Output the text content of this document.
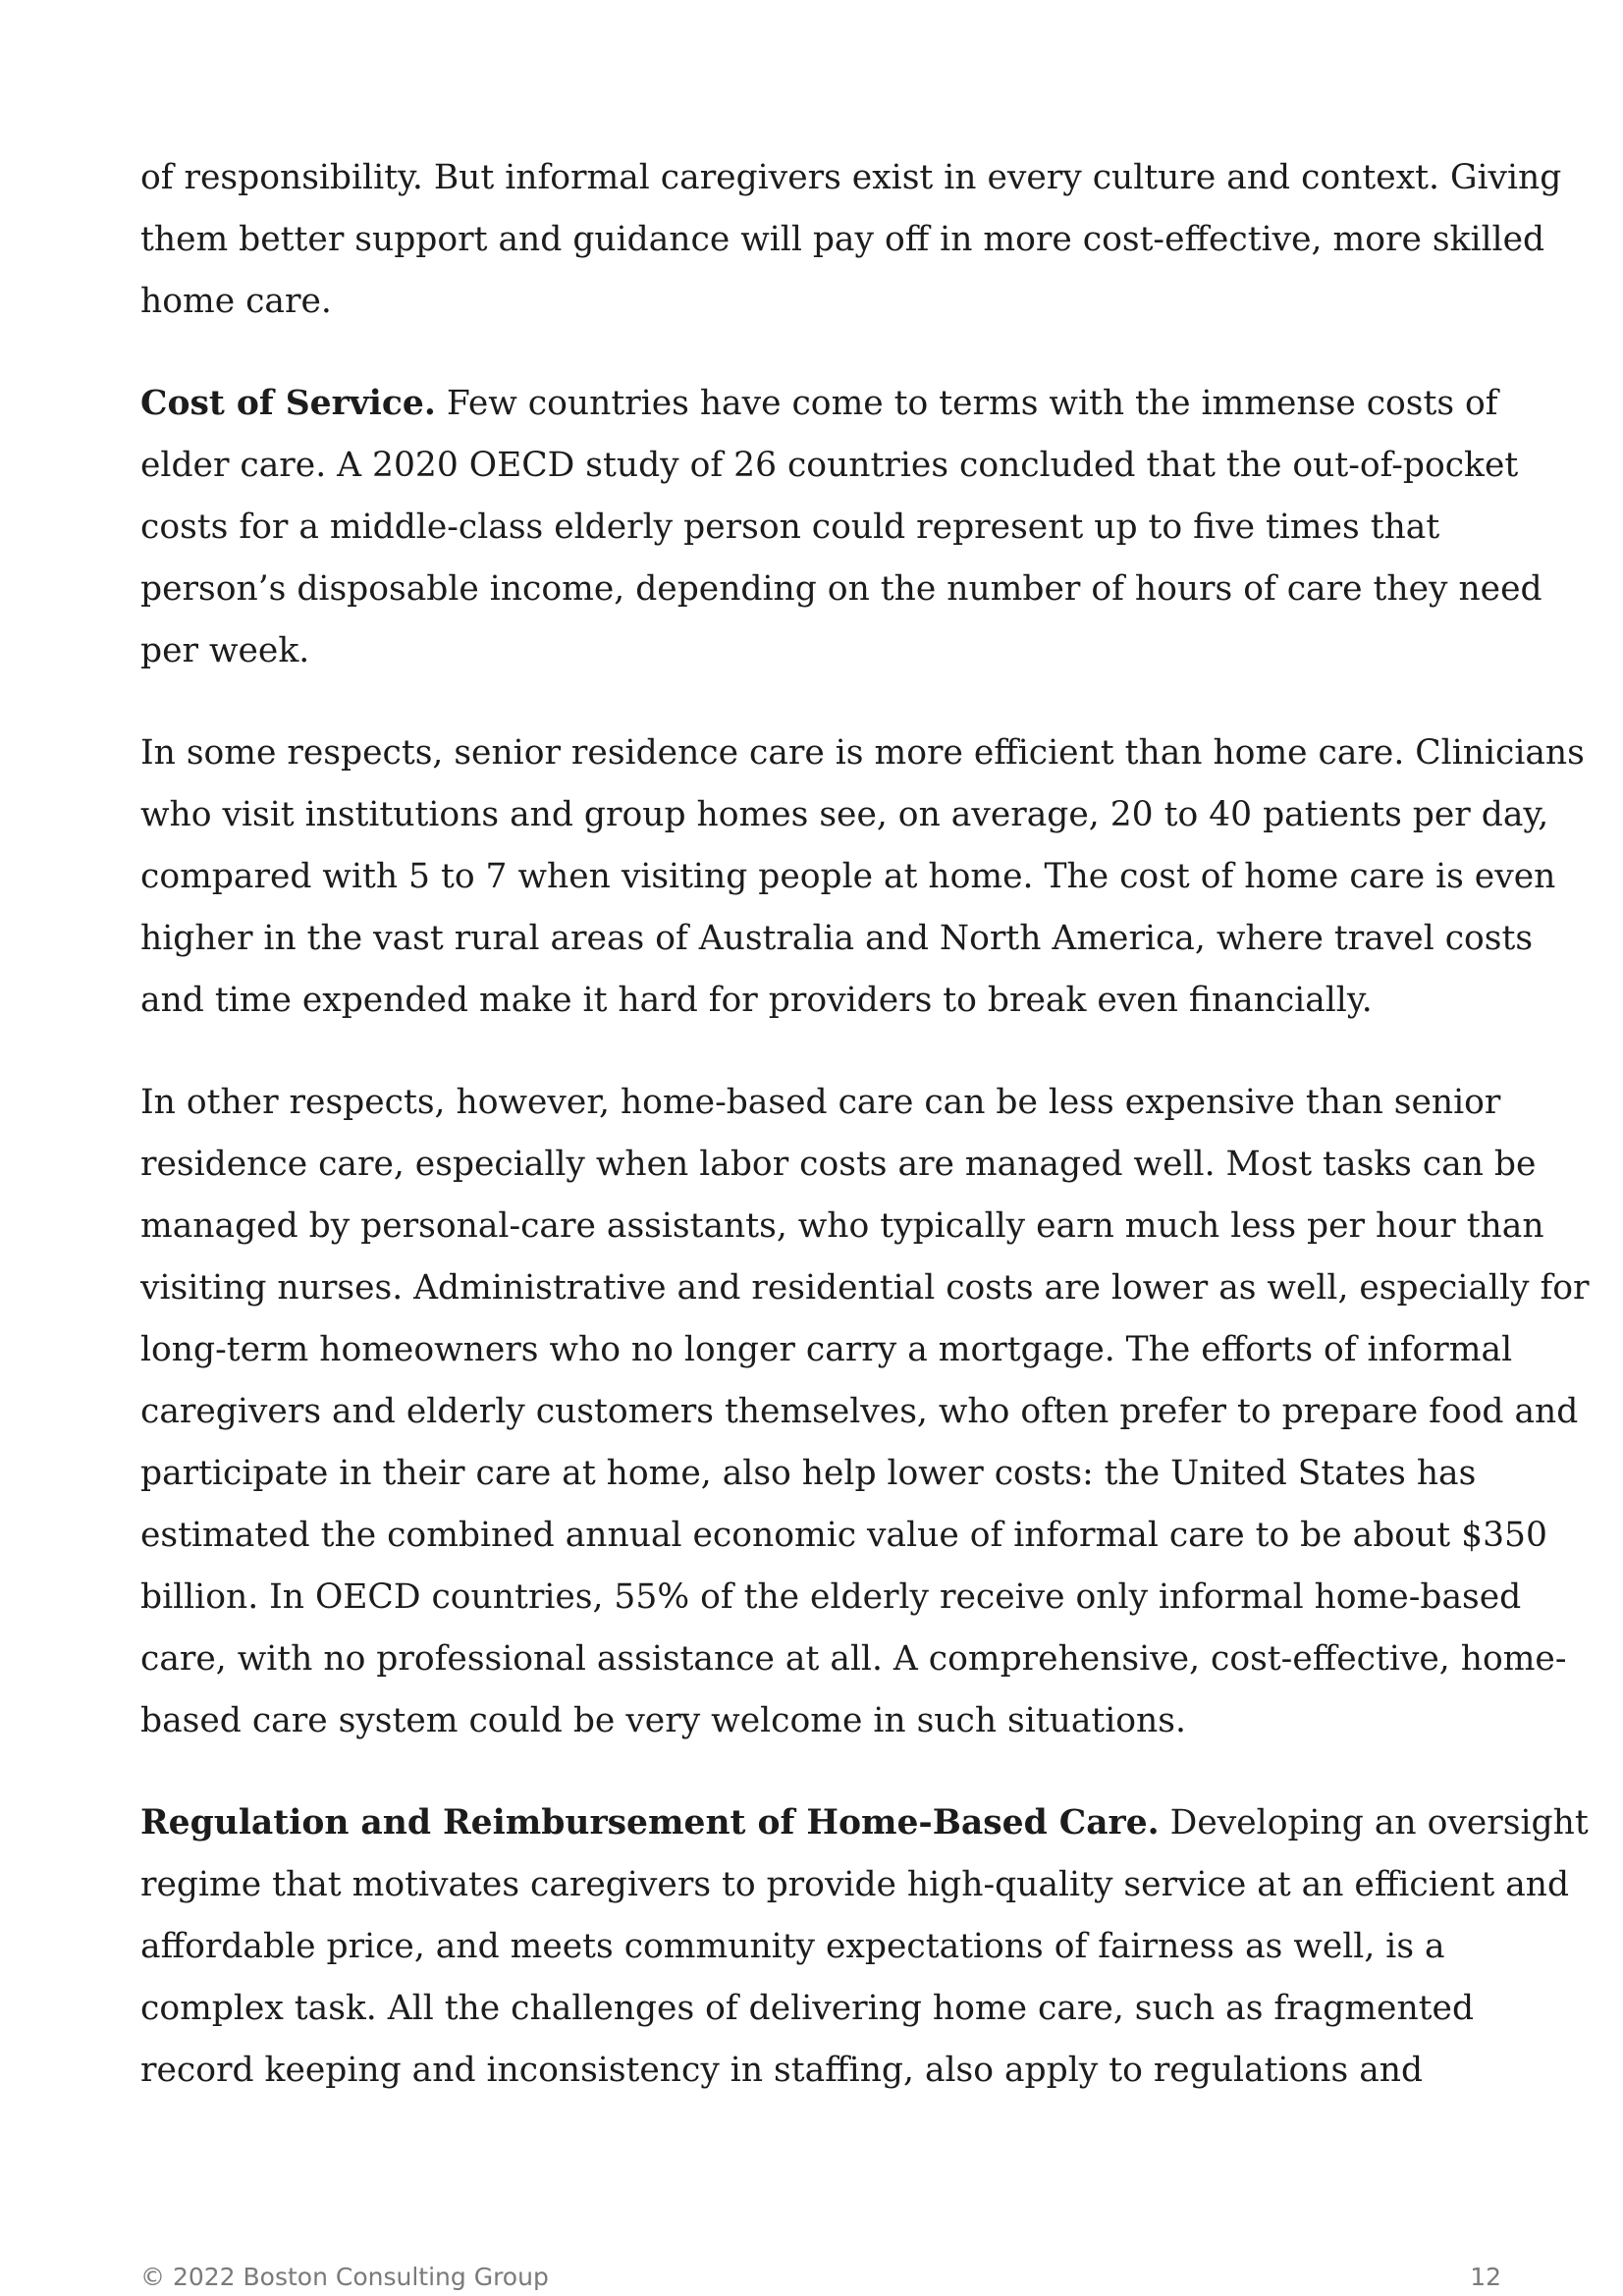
of responsibility. But informal caregivers exist in every culture and context. Giving
them better support and guidance will pay off in more cost-effective, more skilled
home care.

Cost of Service. Few countries have come to terms with the immense costs of
elder care. A 2020 OECD study of 26 countries concluded that the out-of-pocket
costs for a middle-class elderly person could represent up to five times that
person’s disposable income, depending on the number of hours of care they need
per week.

In some respects, senior residence care is more efficient than home care. Clinicians
who visit institutions and group homes see, on average, 20 to 40 patients per day,
compared with 5 to 7 when visiting people at home. The cost of home care is even
higher in the vast rural areas of Australia and North America, where travel costs
and time expended make it hard for providers to break even financially.

In other respects, however, home-based care can be less expensive than senior
residence care, especially when labor costs are managed well. Most tasks can be
managed by personal-care assistants, who typically earn much less per hour than
visiting nurses. Administrative and residential costs are lower as well, especially for
long-term homeowners who no longer carry a mortgage. The efforts of informal
caregivers and elderly customers themselves, who often prefer to prepare food and
participate in their care at home, also help lower costs: the United States has
estimated the combined annual economic value of informal care to be about $350
billion. In OECD countries, 55% of the elderly receive only informal home-based
care, with no professional assistance at all. A comprehensive, cost-effective, home-
based care system could be very welcome in such situations.

Regulation and Reimbursement of Home-Based Care. Developing an oversight
regime that motivates caregivers to provide high-quality service at an efficient and
affordable price, and meets community expectations of fairness as well, is a
complex task. All the challenges of delivering home care, such as fragmented
record keeping and inconsistency in staffing, also apply to regulations and

© 2022 Boston Consulting Group	12
